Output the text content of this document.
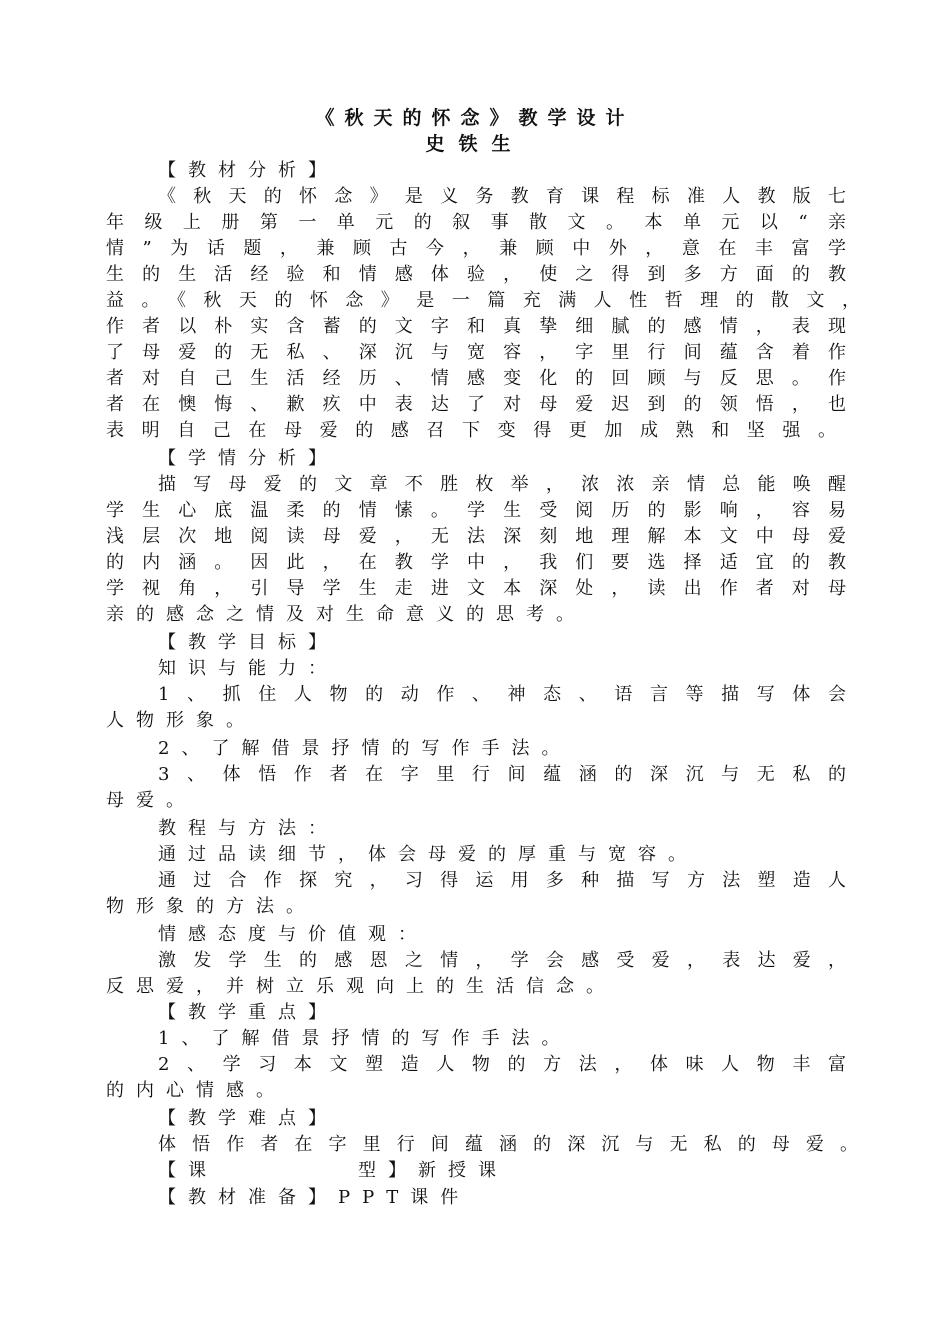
《秋天的怀念》教学设计
史铁生
【教材分析】
《秋天的怀念》是义务教育课程标准人教版七
年级上册第一单元的叙事散文。本单元以“亲
情”为话题，兼顾古今，兼顾中外，意在丰富学
生的生活经验和情感体验，使之得到多方面的教
益。《秋天的怀念》是一篇充满人性哲理的散文，
作者以朴实含蓄的文字和真挚细腻的感情，表现
了母爱的无私、深沉与宽容，字里行间蕴含着作
者对自己生活经历、情感变化的回顾与反思。作
者在懊悔、歉疚中表达了对母爱迟到的领悟，也
表明自己在母爱的感召下变得更加成熟和坚强。
【学情分析】
描写母爱的文章不胜枚举，浓浓亲情总能唤醒
学生心底温柔的情愫。学生受阅历的影响，容易
浅层次地阅读母爱，无法深刻地理解本文中母爱
的内涵。因此，在教学中，我们要选择适宜的教
学视角，引导学生走进文本深处，读出作者对母
亲的感念之情及对生命意义的思考。
【教学目标】
知识与能力：
1、抓住人物的动作、神态、语言等描写体会
人物形象。
2、了解借景抒情的写作手法。
3、体悟作者在字里行间蕴涵的深沉与无私的
母爱。
教程与方法：
通过品读细节，体会母爱的厚重与宽容。
通过合作探究，习得运用多种描写方法塑造人
物形象的方法。
情感态度与价值观：
激发学生的感恩之情，学会感受爱，表达爱，
反思爱，并树立乐观向上的生活信念。
【教学重点】
1、了解借景抒情的写作手法。
2、学习本文塑造人物的方法，体味人物丰富
的内心情感。
【教学难点】
体悟作者在字里行间蕴涵的深沉与无私的母爱。
【课	型】新授课
【教材准备】PPT课件
